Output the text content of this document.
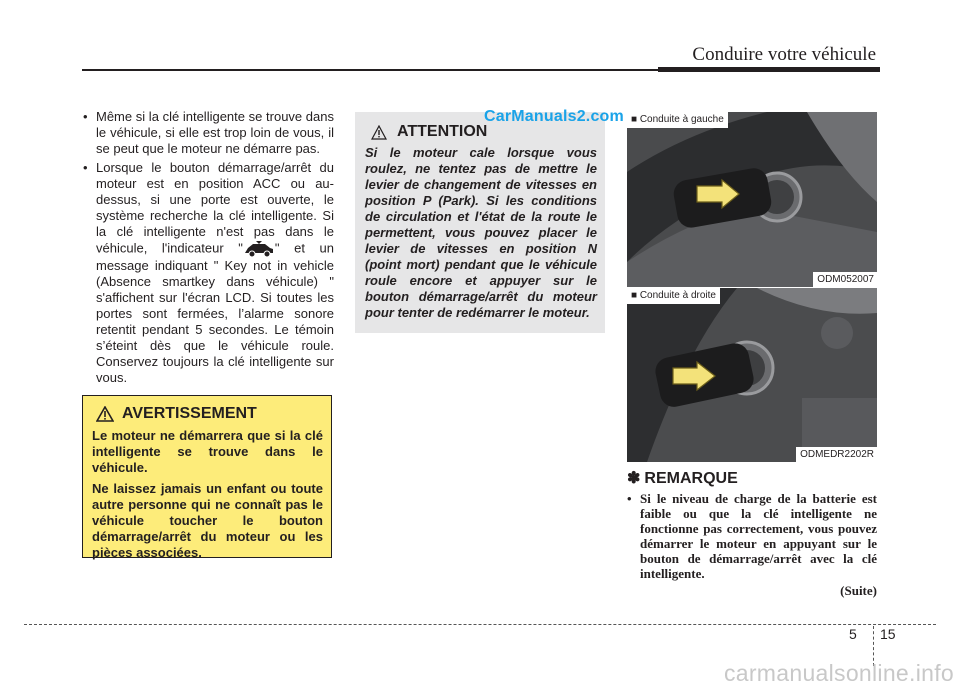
Conduire votre véhicule
• Même si la clé intelligente se trouve dans le véhicule, si elle est trop loin de vous, il se peut que le moteur ne démarre pas.
• Lorsque le bouton démarrage/arrêt du moteur est en position ACC ou au-dessus, si une porte est ouverte, le système recherche la clé intelligente. Si la clé intelligente n'est pas dans le véhicule, l'indicateur " " et un message indiquant " Key not in vehicle (Absence smartkey dans véhicule) " s'affichent sur l'écran LCD. Si toutes les portes sont fermées, l’alarme sonore retentit pendant 5 secondes. Le témoin s’éteint dès que le véhicule roule. Conservez toujours la clé intelligente sur vous.
AVERTISSEMENT
Le moteur ne démarrera que si la clé intelligente se trouve dans le véhicule.
Ne laissez jamais un enfant ou toute autre personne qui ne connaît pas le véhicule toucher le bouton démarrage/arrêt du moteur ou les pièces associées.
ATTENTION
Si le moteur cale lorsque vous roulez, ne tentez pas de mettre le levier de changement de vitesses en position P (Park). Si les conditions de circulation et l'état de la route le permettent, vous pouvez placer le levier de vitesses en position N (point mort) pendant que le véhicule roule encore et appuyer sur le bouton démarrage/arrêt du moteur pour tenter de redémarrer le moteur.
CarManuals2.com ■ Conduite à gauche
ODM052007
■ Conduite à droite
ODMEDR2202R
✽ REMARQUE
• Si le niveau de charge de la batterie est faible ou que la clé intelligente ne fonctionne pas correctement, vous pouvez démarrer le moteur en appuyant sur le bouton de démarrage/arrêt avec la clé intelligente.
(Suite)
5 15
carmanualsonline.info
